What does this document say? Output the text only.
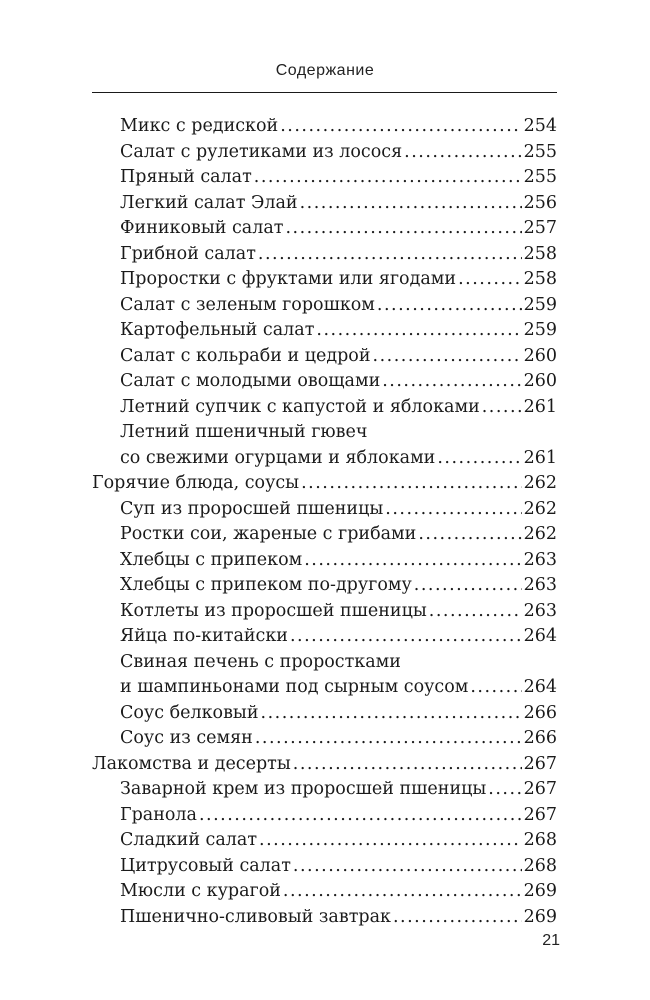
Содержание
Микс с редиской .....	254
Салат с рулетиками из лосося .....	255
Пряный салат .....	255
Легкий салат Элай .....	256
Финиковый салат .....	257
Грибной салат .....	258
Проростки с фруктами или ягодами .....	258
Салат с зеленым горошком .....	259
Картофельный салат .....	259
Салат с кольраби и цедрой .....	260
Салат с молодыми овощами .....	260
Летний супчик с капустой и яблоками .....	261
Летний пшеничный гювеч
со свежими огурцами и яблоками .....	261
Горячие блюда, соусы .....	262
Суп из проросшей пшеницы .....	262
Ростки сои, жареные с грибами .....	262
Хлебцы с припеком .....	263
Хлебцы с припеком по-другому .....	263
Котлеты из проросшей пшеницы .....	263
Яйца по-китайски .....	264
Свиная печень с проростками
и шампиньонами под сырным соусом .....	264
Соус белковый .....	266
Соус из семян .....	266
Лакомства и десерты .....	267
Заварной крем из проросшей пшеницы ..... 267
Гранола .....	267
Сладкий салат .....	268
Цитрусовый салат .....	268
Мюсли с курагой .....	269
Пшенично-сливовый завтрак .....	269
21
